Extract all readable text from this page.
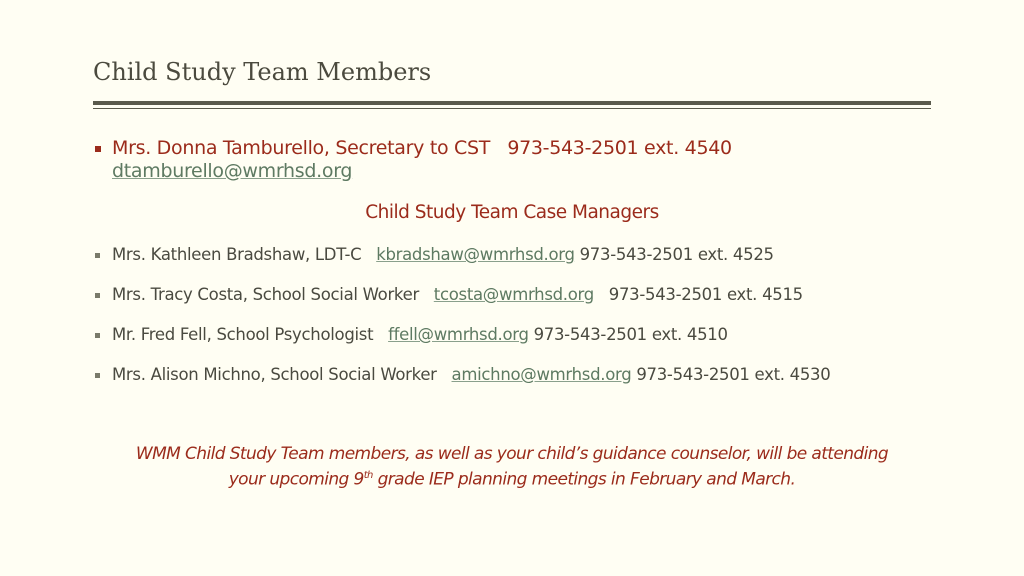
Child Study Team Members
Mrs. Donna Tamburello, Secretary to CST 973-543-2501 ext. 4540
dtamburello@wmrhsd.org
Child Study Team Case Managers
Mrs. Kathleen Bradshaw, LDT-C kbradshaw@wmrhsd.org 973-543-2501 ext. 4525
Mrs. Tracy Costa, School Social Worker tcosta@wmrhsd.org 973-543-2501 ext. 4515
Mr. Fred Fell, School Psychologist ffell@wmrhsd.org 973-543-2501 ext. 4510
Mrs. Alison Michno, School Social Worker amichno@wmrhsd.org 973-543-2501 ext. 4530
WMM Child Study Team members, as well as your child’s guidance counselor, will be attending
your upcoming 9th grade IEP planning meetings in February and March.
